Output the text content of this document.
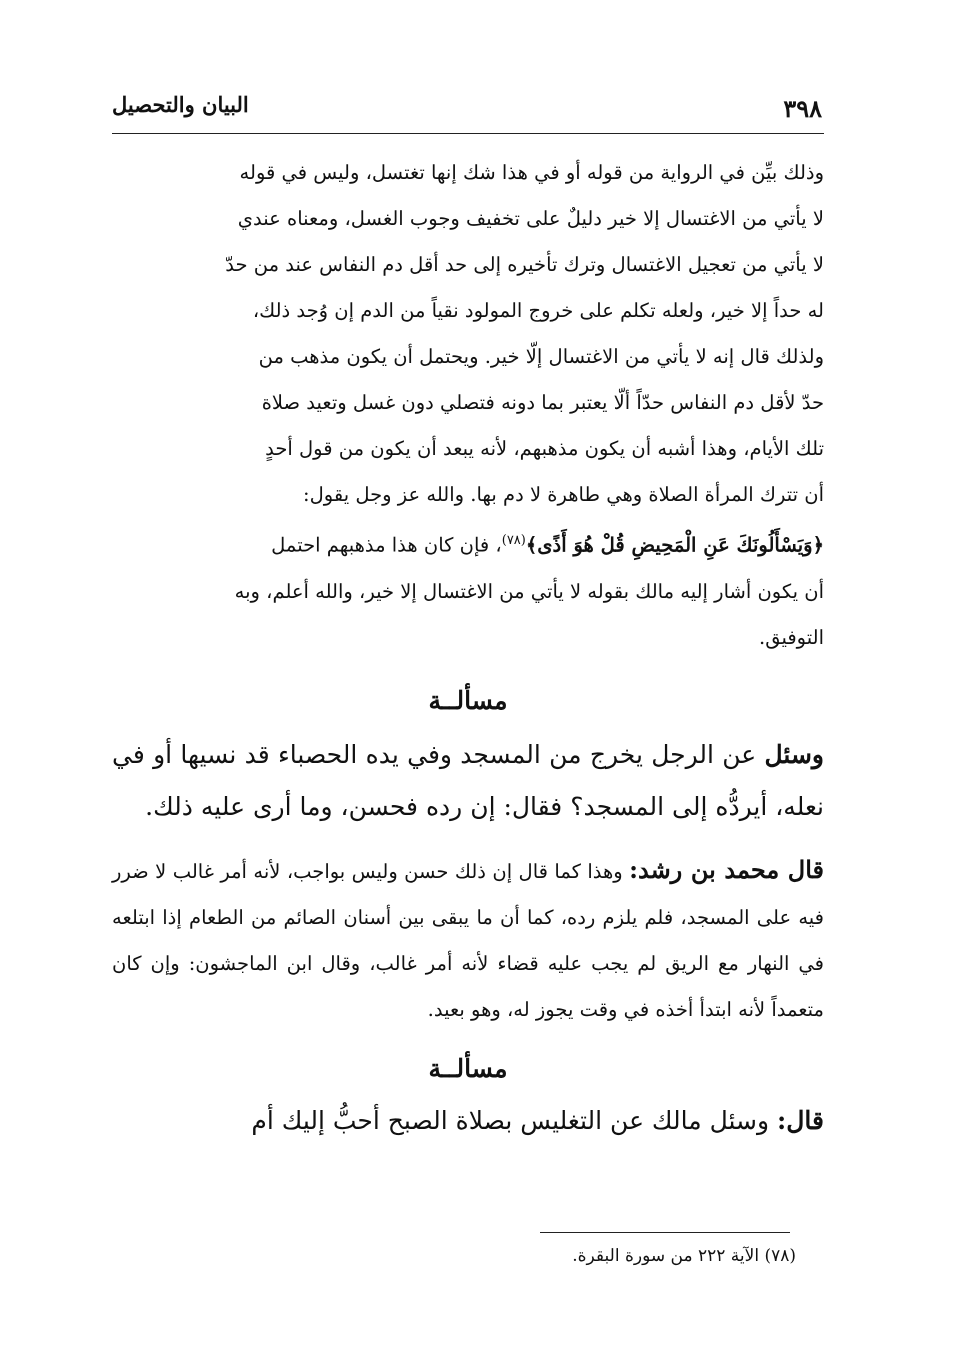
٣٩٨
البيان والتحصيل

وذلك بيِّن في الرواية من قوله أو في هذا شك إنها تغتسل، وليس في قوله

لا يأتي من الاغتسال إلا خير دليلٌ على تخفيف وجوب الغسل، ومعناه عندي

لا يأتي من تعجيل الاغتسال وترك تأخيره إلى حد أقل دم النفاس عند من حدّ

له حداً إلا خير، ولعله تكلم على خروج المولود نقياً من الدم إن وُجد ذلك،

ولذلك قال إنه لا يأتي من الاغتسال إلّا خير. ويحتمل أن يكون مذهب من

حدّ لأقل دم النفاس حدّاً ألّا يعتبر بما دونه فتصلي دون غسل وتعيد صلاة

تلك الأيام، وهذا أشبه أن يكون مذهبهم، لأنه يبعد أن يكون من قول أحدٍ

أن تترك المرأة الصلاة وهي طاهرة لا دم بها. والله عز وجل يقول:

﴿وَيَسْأَلُونَكَ عَنِ الْمَحِيضِ قُلْ هُوَ أَذًى﴾$^{(٧٨)}$، فإن كان هذا مذهبهم احتمل

أن يكون أشار إليه مالك بقوله لا يأتي من الاغتسال إلا خير، والله أعلم، وبه

التوفيق.

مسألــة

وسئل عن الرجل يخرج من المسجد وفي يده الحصباء قد نسيها أو في نعله، أيردُّه إلى المسجد؟ فقال: إن رده فحسن، وما أرى عليه ذلك.

قال محمد بن رشد: وهذا كما قال إن ذلك حسن وليس بواجب، لأنه أمر غالب لا ضرر فيه على المسجد، فلم يلزم رده، كما أن ما يبقى بين أسنان الصائم من الطعام إذا ابتلعه في النهار مع الريق لم يجب عليه قضاء لأنه أمر غالب، وقال ابن الماجشون: وإن كان متعمداً لأنه ابتدأ أخذه في وقت يجوز له، وهو بعيد.

مسألــة

قال: وسئل مالك عن التغليس بصلاة الصبح أحبُّ إليك أم

(٧٨) الآية ٢٢٢ من سورة البقرة.
